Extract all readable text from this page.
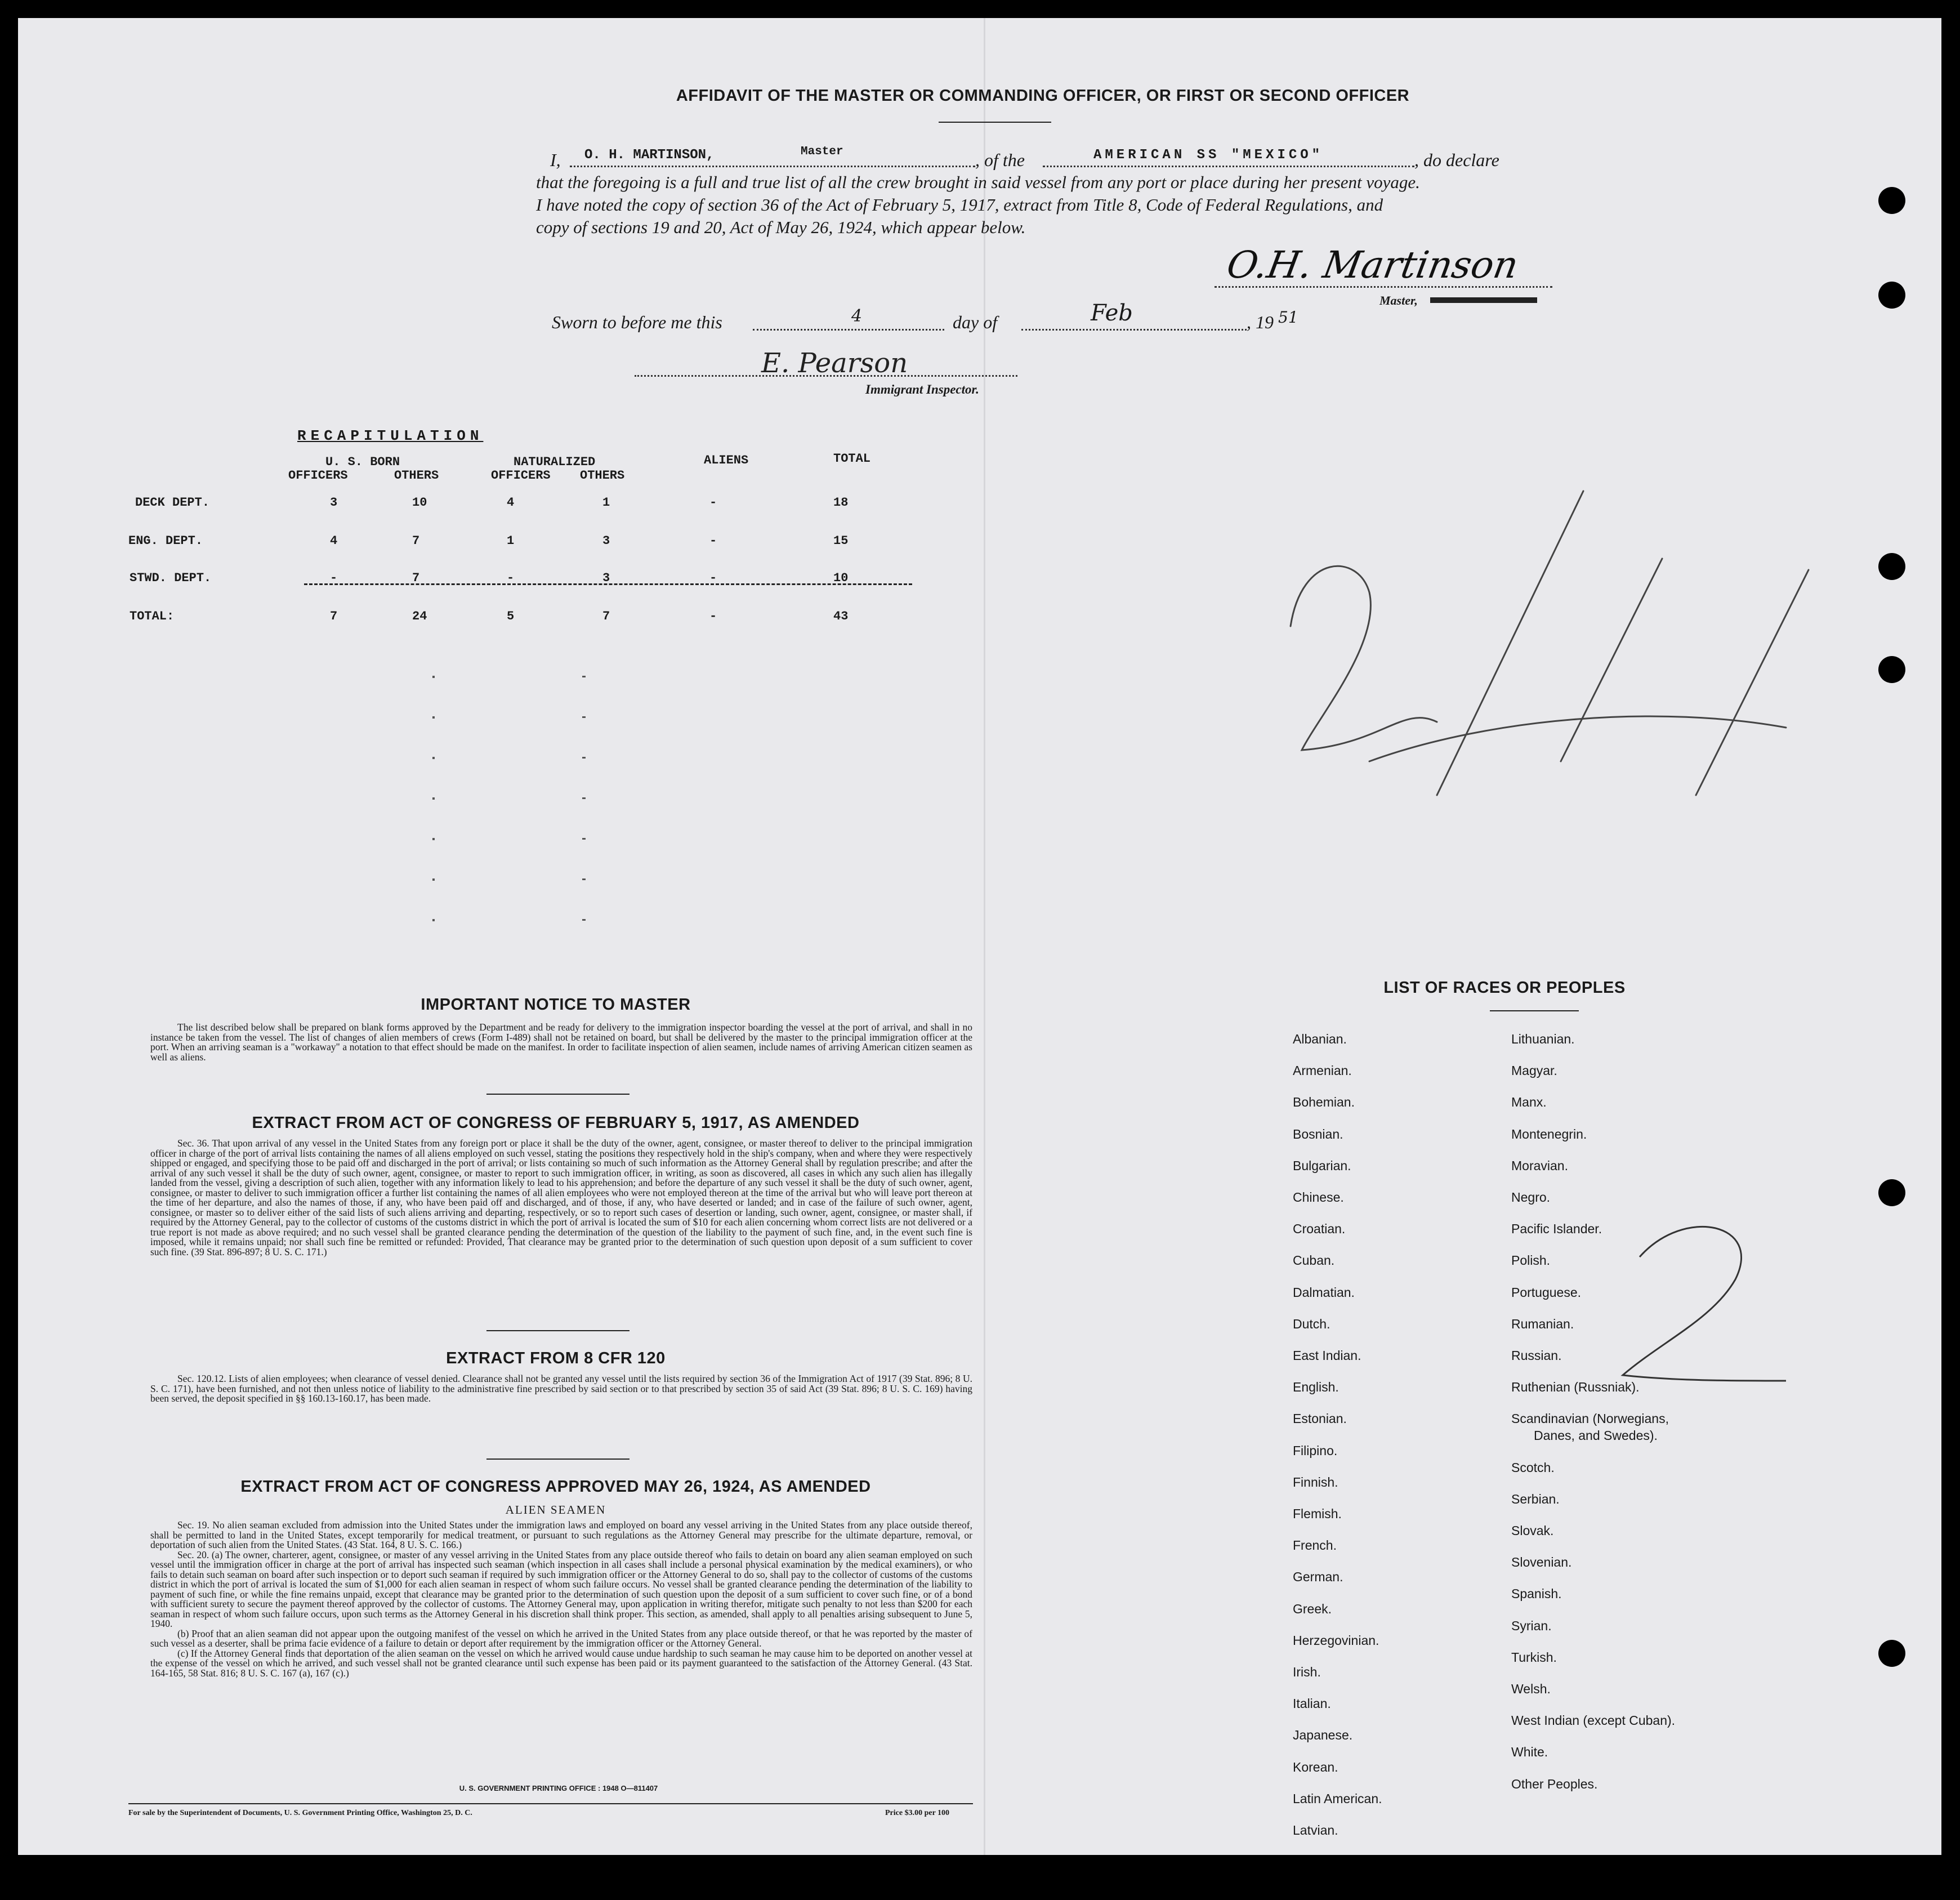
AFFIDAVIT OF THE MASTER OR COMMANDING OFFICER, OR FIRST OR SECOND OFFICER
I, O. H. MARTINSON,	Master	, of the	AMERICAN SS "MEXICO"	, do declare
that the foregoing is a full and true list of all the crew brought in said vessel from any port or place during her present voyage.
I have noted the copy of section 36 of the Act of February 5, 1917, extract from Title 8, Code of Federal Regulations, and
copy of sections 19 and 20, Act of May 26, 1924, which appear below.
O.H. Martinson
Master,
Sworn to before me this	4	day of	Feb	, 19 51
E. Pearson
Immigrant Inspector.
RECAPITULATION
U. S. BORN	NATURALIZED	ALIENS	TOTAL
OFFICERS	OTHERS	OFFICERS OTHERS
DECK DEPT.	3	10	4	1	-	18
ENG. DEPT.	4	7	1	3	-	15
STWD. DEPT.	-	7	-	3	-	10
TOTAL:	7	24	5	7	-	43
IMPORTANT NOTICE TO MASTER

The list described below shall be prepared on blank forms approved by the Department and be ready for delivery to the immigration inspector boarding the vessel at the port of arrival, and shall in no instance be taken from the vessel. The list of changes of alien members of crews (Form I-489) shall not be retained on board, but shall be delivered by the master to the principal immigration officer at the port. When an arriving seaman is a "workaway" a notation to that effect should be made on the manifest. In order to facilitate inspection of alien seamen, include names of arriving American citizen seamen as well as aliens.

EXTRACT FROM ACT OF CONGRESS OF FEBRUARY 5, 1917, AS AMENDED

Sec. 36. That upon arrival of any vessel in the United States from any foreign port or place it shall be the duty of the owner, agent, consignee, or master thereof to deliver to the principal immigration officer in charge of the port of arrival lists containing the names of all aliens employed on such vessel, stating the positions they respectively hold in the ship's company, when and where they were respectively shipped or engaged, and specifying those to be paid off and discharged in the port of arrival; or lists containing so much of such information as the Attorney General shall by regulation prescribe; and after the arrival of any such vessel it shall be the duty of such owner, agent, consignee, or master to report to such immigration officer, in writing, as soon as discovered, all cases in which any such alien has illegally landed from the vessel, giving a description of such alien, together with any information likely to lead to his apprehension; and before the departure of any such vessel it shall be the duty of such owner, agent, consignee, or master to deliver to such immigration officer a further list containing the names of all alien employees who were not employed thereon at the time of the arrival but who will leave port thereon at the time of her departure, and also the names of those, if any, who have been paid off and discharged, and of those, if any, who have deserted or landed; and in case of the failure of such owner, agent, consignee, or master so to deliver either of the said lists of such aliens arriving and departing, respectively, or so to report such cases of desertion or landing, such owner, agent, consignee, or master shall, if required by the Attorney General, pay to the collector of customs of the customs district in which the port of arrival is located the sum of $10 for each alien concerning whom correct lists are not delivered or a true report is not made as above required; and no such vessel shall be granted clearance pending the determination of the question of the liability to the payment of such fine, and, in the event such fine is imposed, while it remains unpaid; nor shall such fine be remitted or refunded: Provided, That clearance may be granted prior to the determination of such question upon deposit of a sum sufficient to cover such fine. (39 Stat. 896-897; 8 U. S. C. 171.)

EXTRACT FROM 8 CFR 120

Sec. 120.12. Lists of alien employees; when clearance of vessel denied. Clearance shall not be granted any vessel until the lists required by section 36 of the Immigration Act of 1917 (39 Stat. 896; 8 U. S. C. 171), have been furnished, and not then unless notice of liability to the administrative fine prescribed by said section or to that prescribed by section 35 of said Act (39 Stat. 896; 8 U. S. C. 169) having been served, the deposit specified in §§ 160.13-160.17, has been made.

EXTRACT FROM ACT OF CONGRESS APPROVED MAY 26, 1924, AS AMENDED
ALIEN SEAMEN

Sec. 19. No alien seaman excluded from admission into the United States under the immigration laws and employed on board any vessel arriving in the United States from any place outside thereof, shall be permitted to land in the United States, except temporarily for medical treatment, or pursuant to such regulations as the Attorney General may prescribe for the ultimate departure, removal, or deportation of such alien from the United States. (43 Stat. 164, 8 U. S. C. 166.)

Sec. 20. (a) The owner, charterer, agent, consignee, or master of any vessel arriving in the United States from any place outside thereof who fails to detain on board any alien seaman employed on such vessel until the immigration officer in charge at the port of arrival has inspected such seaman (which inspection in all cases shall include a personal physical examination by the medical examiners), or who fails to detain such seaman on board after such inspection or to deport such seaman if required by such immigration officer or the Attorney General to do so, shall pay to the collector of customs of the customs district in which the port of arrival is located the sum of $1,000 for each alien seaman in respect of whom such failure occurs. No vessel shall be granted clearance pending the determination of the liability to payment of such fine, or while the fine remains unpaid, except that clearance may be granted prior to the determination of such question upon the deposit of a sum sufficient to cover such fine, or of a bond with sufficient surety to secure the payment thereof approved by the collector of customs. The Attorney General may, upon application in writing therefor, mitigate such penalty to not less than $200 for each seaman in respect of whom such failure occurs, upon such terms as the Attorney General in his discretion shall think proper. This section, as amended, shall apply to all penalties arising subsequent to June 5, 1940.

(b) Proof that an alien seaman did not appear upon the outgoing manifest of the vessel on which he arrived in the United States from any place outside thereof, or that he was reported by the master of such vessel as a deserter, shall be prima facie evidence of a failure to detain or deport after requirement by the immigration officer or the Attorney General.

(c) If the Attorney General finds that deportation of the alien seaman on the vessel on which he arrived would cause undue hardship to such seaman he may cause him to be deported on another vessel at the expense of the vessel on which he arrived, and such vessel shall not be granted clearance until such expense has been paid or its payment guaranteed to the satisfaction of the Attorney General. (43 Stat. 164-165, 58 Stat. 816; 8 U. S. C. 167 (a), 167 (c).)

U. S. GOVERNMENT PRINTING OFFICE : 1948 O—811407
For sale by the Superintendent of Documents, U. S. Government Printing Office, Washington 25, D. C.	Price $3.00 per 100
LIST OF RACES OR PEOPLES
Albanian.
Armenian.
Bohemian.
Bosnian.
Bulgarian.
Chinese.
Croatian.
Cuban.
Dalmatian.
Dutch.
East Indian.
English.
Estonian.
Filipino.
Finnish.
Flemish.
French.
German.
Greek.
Herzegovinian.
Irish.
Italian.
Japanese.
Korean.
Latin American.
Latvian.
Lithuanian.
Magyar.
Manx.
Montenegrin.
Moravian.
Negro.
Pacific Islander.
Polish.
Portuguese.
Rumanian.
Russian.
Ruthenian (Russniak).
Scandinavian (Norwegians,
Danes, and Swedes).
Scotch.
Serbian.
Slovak.
Slovenian.
Spanish.
Syrian.
Turkish.
Welsh.
West Indian (except Cuban).
White.
Other Peoples.
